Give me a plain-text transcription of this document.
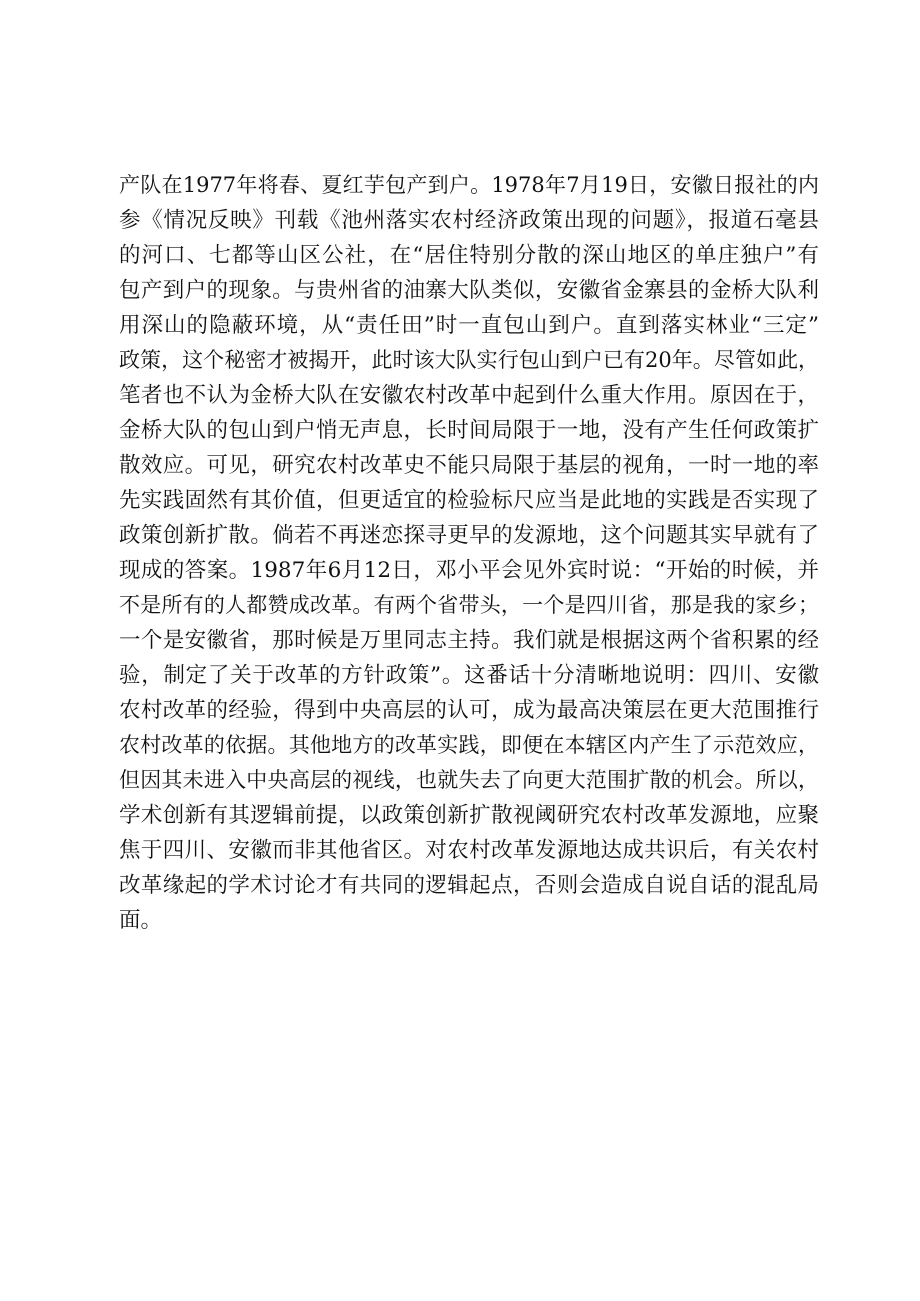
产队在1977年将春、夏红芋包产到户。1978年7月19日，安徽日报社的内
参《情况反映》刊载《池州落实农村经济政策出现的问题》，报道石毫县
的河口、七都等山区公社，在“居住特别分散的深山地区的单庄独户”有
包产到户的现象。与贵州省的油寨大队类似，安徽省金寨县的金桥大队利
用深山的隐蔽环境，从“责任田”时一直包山到户。直到落实林业“三定”
政策，这个秘密才被揭开，此时该大队实行包山到户已有20年。尽管如此，
笔者也不认为金桥大队在安徽农村改革中起到什么重大作用。原因在于，
金桥大队的包山到户悄无声息，长时间局限于一地，没有产生任何政策扩
散效应。可见，研究农村改革史不能只局限于基层的视角，一时一地的率
先实践固然有其价值，但更适宜的检验标尺应当是此地的实践是否实现了
政策创新扩散。倘若不再迷恋探寻更早的发源地，这个问题其实早就有了
现成的答案。1987年6月12日，邓小平会见外宾时说：“开始的时候，并
不是所有的人都赞成改革。有两个省带头，一个是四川省，那是我的家乡；
一个是安徽省，那时候是万里同志主持。我们就是根据这两个省积累的经
验，制定了关于改革的方针政策”。这番话十分清晰地说明：四川、安徽
农村改革的经验，得到中央高层的认可，成为最高决策层在更大范围推行
农村改革的依据。其他地方的改革实践，即便在本辖区内产生了示范效应，
但因其未进入中央高层的视线，也就失去了向更大范围扩散的机会。所以，
学术创新有其逻辑前提，以政策创新扩散视阈研究农村改革发源地，应聚
焦于四川、安徽而非其他省区。对农村改革发源地达成共识后，有关农村
改革缘起的学术讨论才有共同的逻辑起点，否则会造成自说自话的混乱局
面。
